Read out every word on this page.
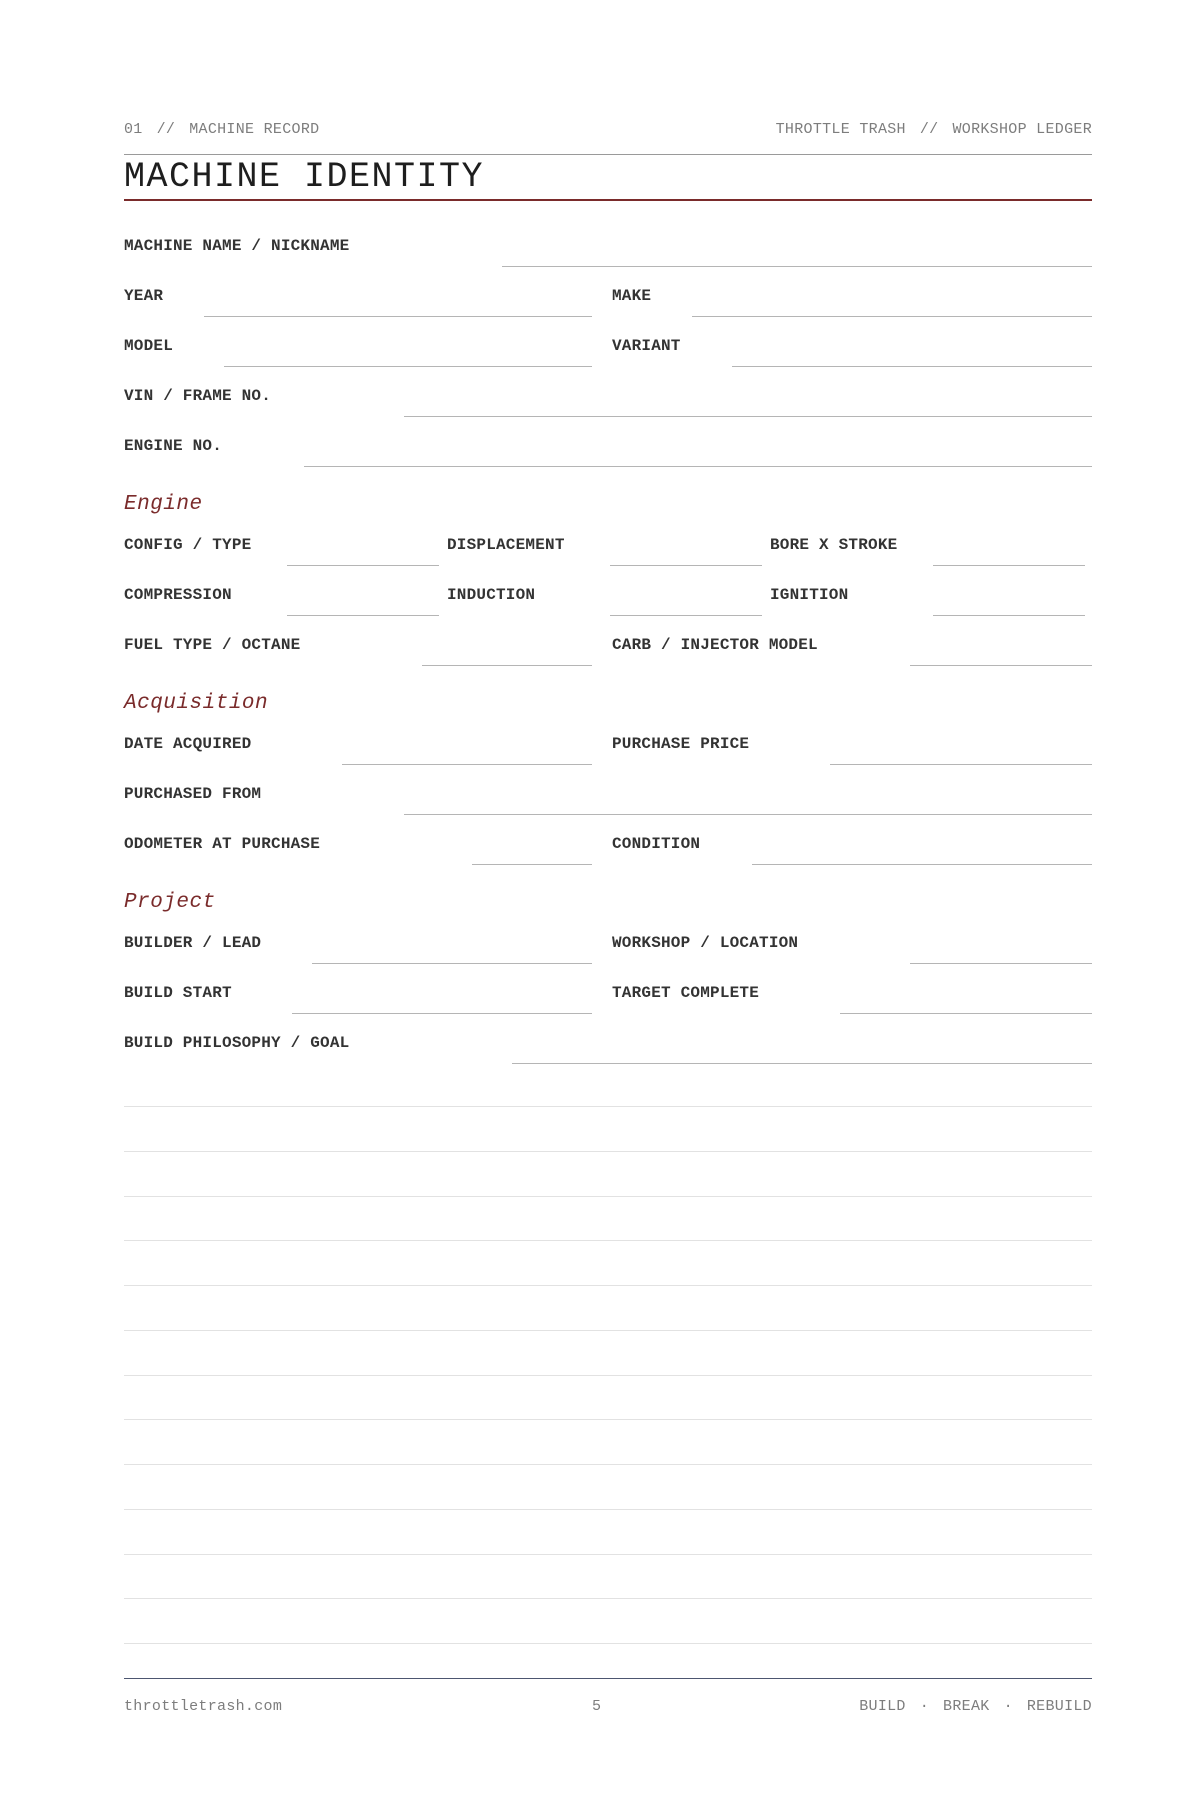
01 // MACHINE RECORD	THROTTLE TRASH // WORKSHOP LEDGER
MACHINE IDENTITY
MACHINE NAME / NICKNAME
YEAR	MAKE
MODEL	VARIANT
VIN / FRAME NO.
ENGINE NO.
Engine
CONFIG / TYPE	DISPLACEMENT	BORE X STROKE
COMPRESSION	INDUCTION	IGNITION
FUEL TYPE / OCTANE	CARB / INJECTOR MODEL
Acquisition
DATE ACQUIRED	PURCHASE PRICE
PURCHASED FROM
ODOMETER AT PURCHASE	CONDITION
Project
BUILDER / LEAD	WORKSHOP / LOCATION
BUILD START	TARGET COMPLETE
BUILD PHILOSOPHY / GOAL
throttletrash.com	5	BUILD · BREAK · REBUILD
